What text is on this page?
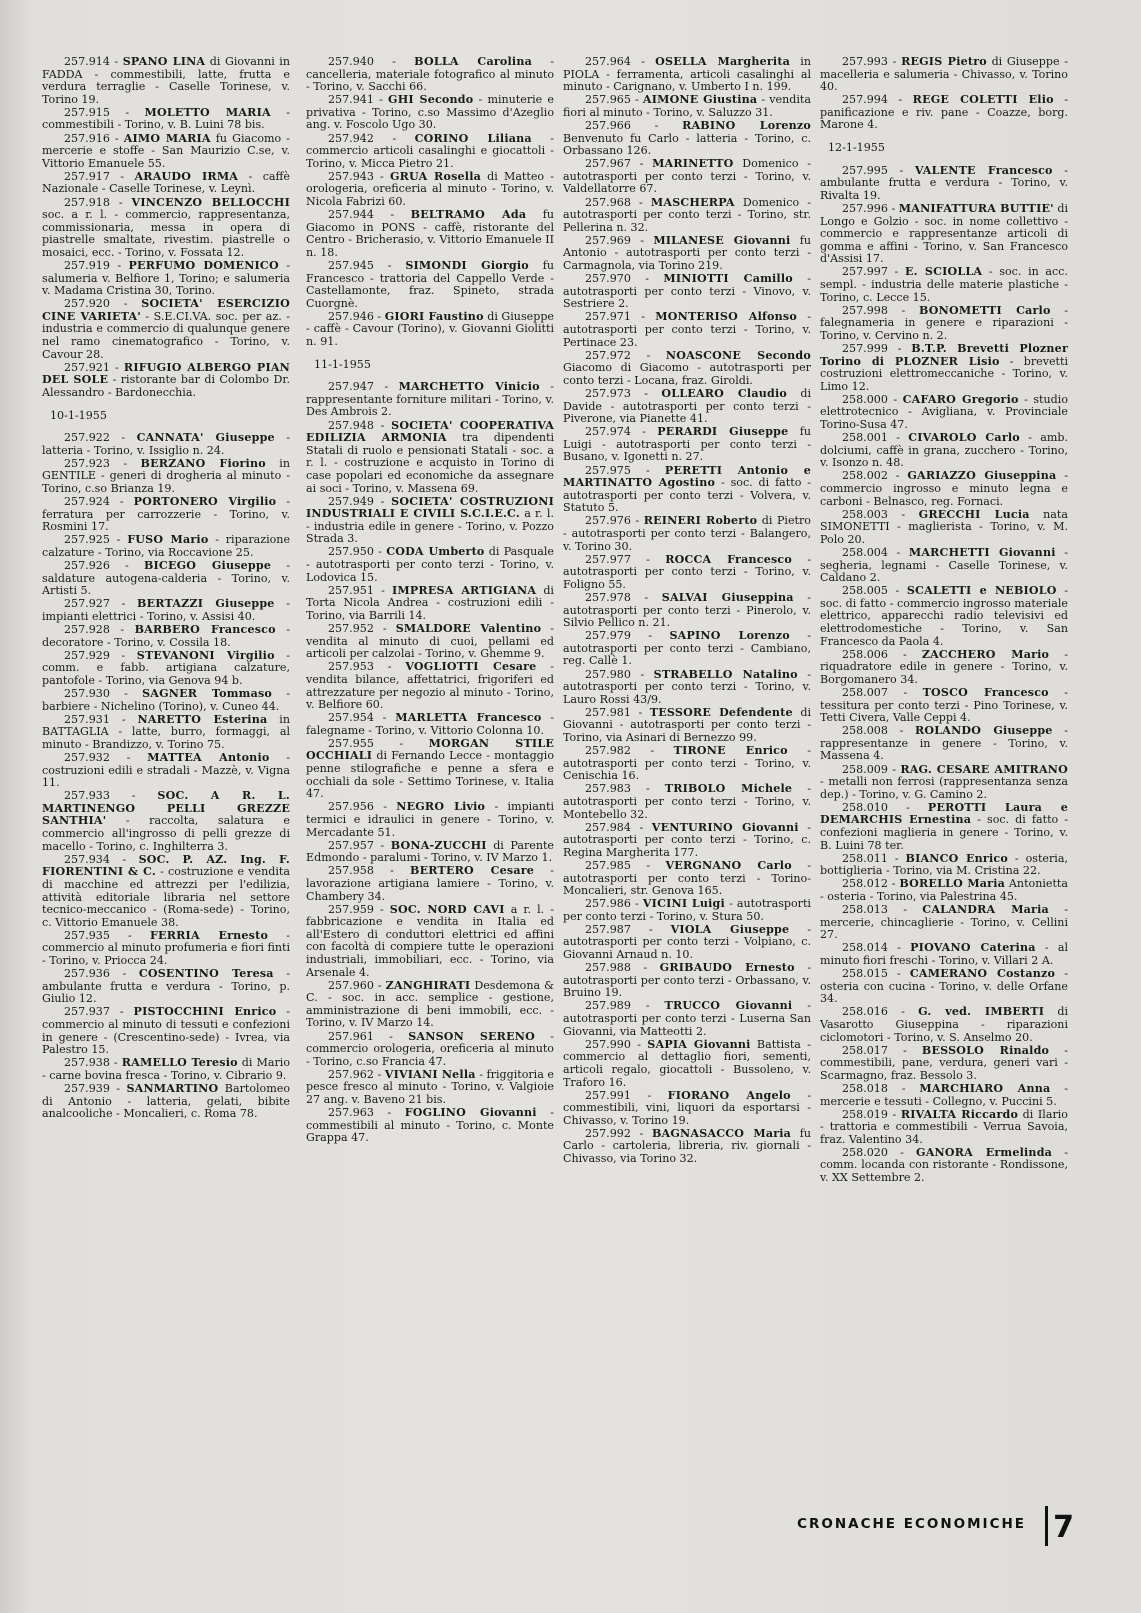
257.914 - SPANO LINA di Giovanni in FADDA - commestibili, latte, frutta e verdura terraglie - Caselle Torinese, v. Torino 19.
257.915 - MOLETTO MARIA - commestibili - Torino, v. B. Luini 78 bis.
257.916 - AIMO MARIA fu Giacomo - mercerie e stoffe - San Maurizio C.se, v. Vittorio Emanuele 55.
257.917 - ARAUDO IRMA - caffè Nazionale - Caselle Torinese, v. Leynì.
257.918 - VINCENZO BELLOCCHI soc. a r. l. - commercio, rappresentanza, commissionaria, messa in opera di piastrelle smaltate, rivestim. piastrelle o mosaici, ecc. - Torino, v. Fossata 12.
257.919 - PERFUMO DOMENICO - salumeria v. Belfiore 1, Torino; e salumeria v. Madama Cristina 30, Torino.
257.920 - SOCIETA' ESERCIZIO CINE VARIETA' - S.E.CI.VA. soc. per az. - industria e commercio di qualunque genere nel ramo cinematografico - Torino, v. Cavour 28.
257.921 - RIFUGIO ALBERGO PIAN DEL SOLE - ristorante bar di Colombo Dr. Alessandro - Bardonecchia.
10-1-1955
257.922 - CANNATA' Giuseppe - latteria - Torino, v. Issiglio n. 24.
257.923 - BERZANO Fiorino in GENTILE - generi di drogheria al minuto - Torino, c.so Brianza 19.
257.924 - PORTONERO Virgilio - ferratura per carrozzerie - Torino, v. Rosmini 17.
257.925 - FUSO Mario - riparazione calzature - Torino, via Roccavione 25.
257.926 - BICEGO Giuseppe - saldature autogena-calderia - Torino, v. Artisti 5.
257.927 - BERTAZZI Giuseppe - impianti elettrici - Torino, v. Assisi 40.
257.928 - BARBERO Francesco - decoratore - Torino, v. Cossila 18.
257.929 - STEVANONI Virgilio - comm. e fabb. artigiana calzature, pantofole - Torino, via Genova 94 b.
257.930 - SAGNER Tommaso - barbiere - Nichelino (Torino), v. Cuneo 44.
257.931 - NARETTO Esterina in BATTAGLIA - latte, burro, formaggi, al minuto - Brandizzo, v. Torino 75.
257.932 - MATTEA Antonio - costruzioni edili e stradali - Mazzè, v. Vigna 11.
257.933 - SOC. A R. L. MARTINENGO PELLI GREZZE SANTHIA' - raccolta, salatura e commercio all'ingrosso di pelli grezze di macello - Torino, c. Inghilterra 3.
257.934 - SOC. P. AZ. Ing. F. FIORENTINI & C. - costruzione e vendita di macchine ed attrezzi per l'edilizia, attività editoriale libraria nel settore tecnico-meccanico - (Roma-sede) - Torino, c. Vittorio Emanuele 38.
257.935 - FERRIA Ernesto - commercio al minuto profumeria e fiori finti - Torino, v. Priocca 24.
257.936 - COSENTINO Teresa - ambulante frutta e verdura - Torino, p. Giulio 12.
257.937 - PISTOCCHINI Enrico - commercio al minuto di tessuti e confezioni in genere - (Crescentino-sede) - Ivrea, via Palestro 15.
257.938 - RAMELLO Teresio di Mario - carne bovina fresca - Torino, v. Cibrario 9.
257.939 - SANMARTINO Bartolomeo di Antonio - latteria, gelati, bibite analcooliche - Moncalieri, c. Roma 78.
257.940 - BOLLA Carolina - cancelleria, materiale fotografico al minuto - Torino, v. Sacchi 66.
257.941 - GHI Secondo - minuterie e privativa - Torino, c.so Massimo d'Azeglio ang. v. Foscolo Ugo 30.
257.942 - CORINO Liliana - commercio articoli casalinghi e giocattoli - Torino, v. Micca Pietro 21.
257.943 - GRUA Rosella di Matteo - orologeria, oreficeria al minuto - Torino, v. Nicola Fabrizi 60.
257.944 - BELTRAMO Ada fu Giacomo in PONS - caffè, ristorante del Centro - Bricherasio, v. Vittorio Emanuele II n. 18.
257.945 - SIMONDI Giorgio fu Francesco - trattoria del Cappello Verde - Castellamonte, fraz. Spineto, strada Cuorgnè.
257.946 - GIORI Faustino di Giuseppe - caffè - Cavour (Torino), v. Giovanni Giolitti n. 91.
11-1-1955
257.947 - MARCHETTO Vinicio - rappresentante forniture militari - Torino, v. Des Ambrois 2.
257.948 - SOCIETA' COOPERATIVA EDILIZIA ARMONIA tra dipendenti Statali di ruolo e pensionati Statali - soc. a r. l. - costruzione e acquisto in Torino di case popolari ed economiche da assegnare ai soci - Torino, v. Massena 69.
257.949 - SOCIETA' COSTRUZIONI INDUSTRIALI E CIVILI S.C.I.E.C. a r. l. - industria edile in genere - Torino, v. Pozzo Strada 3.
257.950 - CODA Umberto di Pasquale - autotrasporti per conto terzi - Torino, v. Lodovica 15.
257.951 - IMPRESA ARTIGIANA di Torta Nicola Andrea - costruzioni edili - Torino, via Barrili 14.
257.952 - SMALDORE Valentino - vendita al minuto di cuoi, pellami ed articoli per calzolai - Torino, v. Ghemme 9.
257.953 - VOGLIOTTI Cesare - vendita bilance, affettatrici, frigoriferi ed attrezzature per negozio al minuto - Torino, v. Belfiore 60.
257.954 - MARLETTA Francesco - falegname - Torino, v. Vittorio Colonna 10.
257.955 - MORGAN STILE OCCHIALI di Fernando Lecce - montaggio penne stilografiche e penne a sfera e occhiali da sole - Settimo Torinese, v. Italia 47.
257.956 - NEGRO Livio - impianti termici e idraulici in genere - Torino, v. Mercadante 51.
257.957 - BONA-ZUCCHI di Parente Edmondo - paralumi - Torino, v. IV Marzo 1.
257.958 - BERTERO Cesare - lavorazione artigiana lamiere - Torino, v. Chambery 34.
257.959 - SOC. NORD CAVI a r. l. - fabbricazione e vendita in Italia ed all'Estero di conduttori elettrici ed affini con facoltà di compiere tutte le operazioni industriali, immobiliari, ecc. - Torino, via Arsenale 4.
257.960 - ZANGHIRATI Desdemona & C. - soc. in acc. semplice - gestione, amministrazione di beni immobili, ecc. - Torino, v. IV Marzo 14.
257.961 - SANSON SERENO - commercio orologeria, oreficeria al minuto - Torino, c.so Francia 47.
257.962 - VIVIANI Nella - friggitoria e pesce fresco al minuto - Torino, v. Valgioie 27 ang. v. Baveno 21 bis.
257.963 - FOGLINO Giovanni - commestibili al minuto - Torino, c. Monte Grappa 47.
257.964 - OSELLA Margherita in PIOLA - ferramenta, articoli casalinghi al minuto - Carignano, v. Umberto I n. 199.
257.965 - AIMONE Giustina - vendita fiori al minuto - Torino, v. Saluzzo 31.
257.966 - RABINO Lorenzo Benvenuto fu Carlo - latteria - Torino, c. Orbassano 126.
257.967 - MARINETTO Domenico - autotrasporti per conto terzi - Torino, v. Valdellatorre 67.
257.968 - MASCHERPA Domenico - autotrasporti per conto terzi - Torino, str. Pellerina n. 32.
257.969 - MILANESE Giovanni fu Antonio - autotrasporti per conto terzi - Carmagnola, via Torino 219.
257.970 - MINIOTTI Camillo - autotrasporti per conto terzi - Vinovo, v. Sestriere 2.
257.971 - MONTERISO Alfonso - autotrasporti per conto terzi - Torino, v. Pertinace 23.
257.972 - NOASCONE Secondo Giacomo di Giacomo - autotrasporti per conto terzi - Locana, fraz. Giroldi.
257.973 - OLLEARO Claudio di Davide - autotrasporti per conto terzi - Piverone, via Pianette 41.
257.974 - PERARDI Giuseppe fu Luigi - autotrasporti per conto terzi - Busano, v. Igonetti n. 27.
257.975 - PERETTI Antonio e MARTINATTO Agostino - soc. di fatto - autotrasporti per conto terzi - Volvera, v. Statuto 5.
257.976 - REINERI Roberto di Pietro - autotrasporti per conto terzi - Balangero, v. Torino 30.
257.977 - ROCCA Francesco - autotrasporti per conto terzi - Torino, v. Foligno 55.
257.978 - SALVAI Giuseppina - autotrasporti per conto terzi - Pinerolo, v. Silvio Pellico n. 21.
257.979 - SAPINO Lorenzo - autotrasporti per conto terzi - Cambiano, reg. Callè 1.
257.980 - STRABELLO Natalino - autotrasporti per conto terzi - Torino, v. Lauro Rossi 43/9.
257.981 - TESSORE Defendente di Giovanni - autotrasporti per conto terzi - Torino, via Asinari di Bernezzo 99.
257.982 - TIRONE Enrico - autotrasporti per conto terzi - Torino, v. Cenischia 16.
257.983 - TRIBOLO Michele - autotrasporti per conto terzi - Torino, v. Montebello 32.
257.984 - VENTURINO Giovanni - autotrasporti per conto terzi - Torino, c. Regina Margherita 177.
257.985 - VERGNANO Carlo - autotrasporti per conto terzi - Torino-Moncalieri, str. Genova 165.
257.986 - VICINI Luigi - autotrasporti per conto terzi - Torino, v. Stura 50.
257.987 - VIOLA Giuseppe - autotrasporti per conto terzi - Volpiano, c. Giovanni Arnaud n. 10.
257.988 - GRIBAUDO Ernesto - autotrasporti per conto terzi - Orbassano, v. Bruino 19.
257.989 - TRUCCO Giovanni - autotrasporti per conto terzi - Luserna San Giovanni, via Matteotti 2.
257.990 - SAPIA Giovanni Battista - commercio al dettaglio fiori, sementi, articoli regalo, giocattoli - Bussoleno, v. Traforo 16.
257.991 - FIORANO Angelo - commestibili, vini, liquori da esportarsi - Chivasso, v. Torino 19.
257.992 - BAGNASACCO Maria fu Carlo - cartoleria, libreria, riv. giornali - Chivasso, via Torino 32.
257.993 - REGIS Pietro di Giuseppe - macelleria e salumeria - Chivasso, v. Torino 40.
257.994 - REGE COLETTI Elio - panificazione e riv. pane - Coazze, borg. Marone 4.
12-1-1955
257.995 - VALENTE Francesco - ambulante frutta e verdura - Torino, v. Rivalta 19.
257.996 - MANIFATTURA BUTTIE' di Longo e Golzio - soc. in nome collettivo - commercio e rappresentanze articoli di gomma e affini - Torino, v. San Francesco d'Assisi 17.
257.997 - E. SCIOLLA - soc. in acc. sempl. - industria delle materie plastiche - Torino, c. Lecce 15.
257.998 - BONOMETTI Carlo - falegnameria in genere e riparazioni - Torino, v. Cervino n. 2.
257.999 - B.T.P. Brevetti Plozner Torino di PLOZNER Lisio - brevetti costruzioni elettromeccaniche - Torino, v. Limo 12.
258.000 - CAFARO Gregorio - studio elettrotecnico - Avigliana, v. Provinciale Torino-Susa 47.
258.001 - CIVAROLO Carlo - amb. dolciumi, caffè in grana, zucchero - Torino, v. Isonzo n. 48.
258.002 - GARIAZZO Giuseppina - commercio ingrosso e minuto legna e carboni - Belnasco, reg. Fornaci.
258.003 - GRECCHI Lucia nata SIMONETTI - maglierista - Torino, v. M. Polo 20.
258.004 - MARCHETTI Giovanni - segheria, legnami - Caselle Torinese, v. Caldano 2.
258.005 - SCALETTI e NEBIOLO - soc. di fatto - commercio ingrosso materiale elettrico, apparecchi radio televisivi ed elettrodomestiche - Torino, v. San Francesco da Paola 4.
258.006 - ZACCHERO Mario - riquadratore edile in genere - Torino, v. Borgomanero 34.
258.007 - TOSCO Francesco - tessitura per conto terzi - Pino Torinese, v. Tetti Civera, Valle Ceppi 4.
258.008 - ROLANDO Giuseppe - rappresentanze in genere - Torino, v. Massena 4.
258.009 - RAG. CESARE AMITRANO - metalli non ferrosi (rappresentanza senza dep.) - Torino, v. G. Camino 2.
258.010 - PEROTTI Laura e DEMARCHIS Ernestina - soc. di fatto - confezioni maglieria in genere - Torino, v. B. Luini 78 ter.
258.011 - BIANCO Enrico - osteria, bottiglieria - Torino, via M. Cristina 22.
258.012 - BORELLO Maria Antonietta - osteria - Torino, via Palestrina 45.
258.013 - CALANDRA Maria - mercerie, chincaglierie - Torino, v. Cellini 27.
258.014 - PIOVANO Caterina - al minuto fiori freschi - Torino, v. Villari 2 A.
258.015 - CAMERANO Costanzo - osteria con cucina - Torino, v. delle Orfane 34.
258.016 - G. ved. IMBERTI di Vasarotto Giuseppina - riparazioni ciclomotori - Torino, v. S. Anselmo 20.
258.017 - BESSOLO Rinaldo - commestibili, pane, verdura, generi vari - Scarmagno, fraz. Bessolo 3.
258.018 - MARCHIARO Anna - mercerie e tessuti - Collegno, v. Puccini 5.
258.019 - RIVALTA Riccardo di Ilario - trattoria e commestibili - Verrua Savoia, fraz. Valentino 34.
258.020 - GANORA Ermelinda - comm. locanda con ristorante - Rondissone, v. XX Settembre 2.
CRONACHE ECONOMICHE 7
